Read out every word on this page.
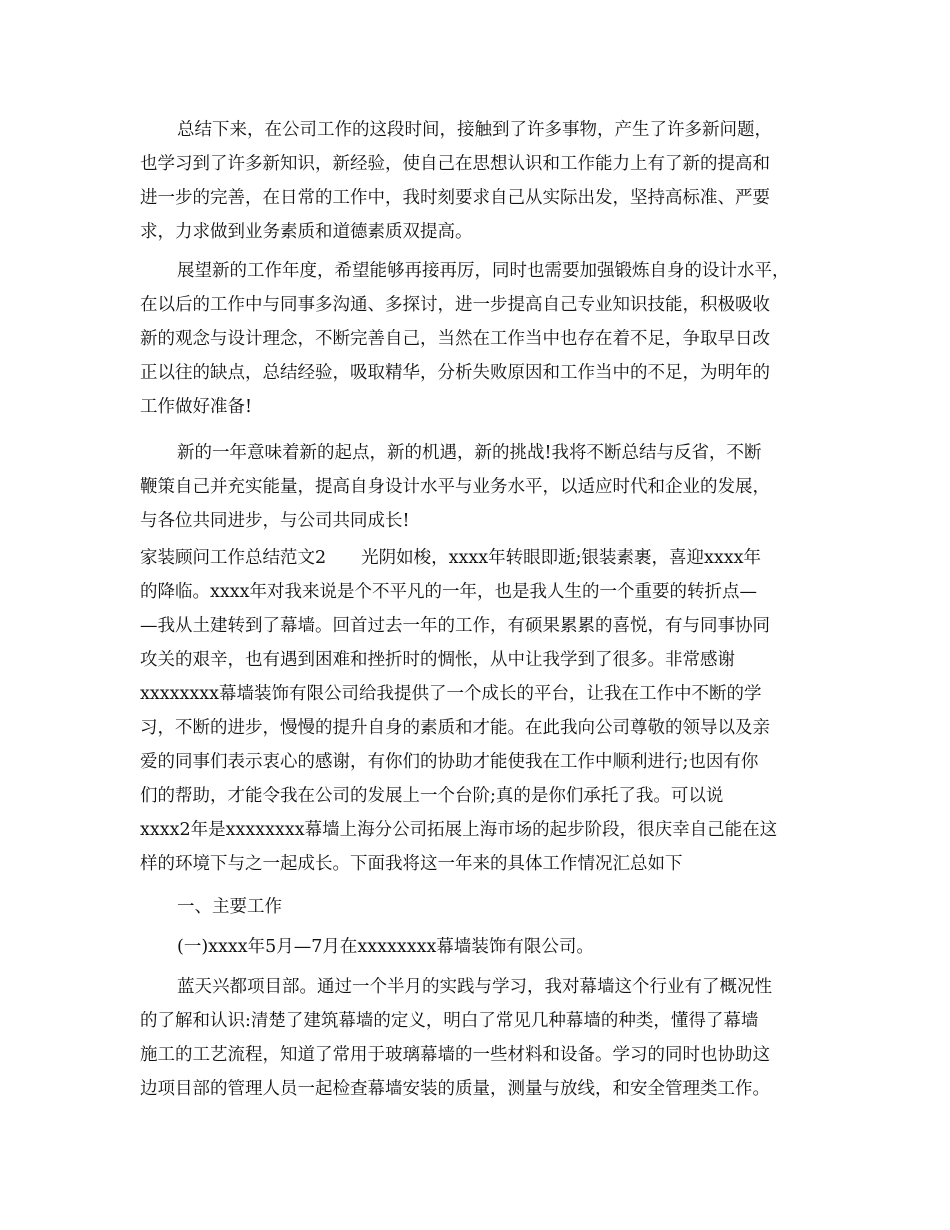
总结下来，在公司工作的这段时间，接触到了许多事物，产生了许多新问题，
也学习到了许多新知识，新经验，使自己在思想认识和工作能力上有了新的提高和
进一步的完善，在日常的工作中，我时刻要求自己从实际出发，坚持高标准、严要
求，力求做到业务素质和道德素质双提高。
展望新的工作年度，希望能够再接再厉，同时也需要加强锻炼自身的设计水平，
在以后的工作中与同事多沟通、多探讨，进一步提高自己专业知识技能，积极吸收
新的观念与设计理念，不断完善自己，当然在工作当中也存在着不足，争取早日改
正以往的缺点，总结经验，吸取精华，分析失败原因和工作当中的不足，为明年的
工作做好准备!
新的一年意味着新的起点，新的机遇，新的挑战!我将不断总结与反省，不断
鞭策自己并充实能量，提高自身设计水平与业务水平，以适应时代和企业的发展，
与各位共同进步，与公司共同成长!
家装顾问工作总结范文2　　光阴如梭，xxxx年转眼即逝;银装素裹，喜迎xxxx年
的降临。xxxx年对我来说是个不平凡的一年，也是我人生的一个重要的转折点—
—我从土建转到了幕墙。回首过去一年的工作，有硕果累累的喜悦，有与同事协同
攻关的艰辛，也有遇到困难和挫折时的惆怅，从中让我学到了很多。非常感谢
xxxxxxxx幕墙装饰有限公司给我提供了一个成长的平台，让我在工作中不断的学
习，不断的进步，慢慢的提升自身的素质和才能。在此我向公司尊敬的领导以及亲
爱的同事们表示衷心的感谢，有你们的协助才能使我在工作中顺利进行;也因有你
们的帮助，才能令我在公司的发展上一个台阶;真的是你们承托了我。可以说
xxxx2年是xxxxxxxx幕墙上海分公司拓展上海市场的起步阶段，很庆幸自己能在这
样的环境下与之一起成长。下面我将这一年来的具体工作情况汇总如下
一、主要工作
(一)xxxx年5月—7月在xxxxxxxx幕墙装饰有限公司。
蓝天兴都项目部。通过一个半月的实践与学习，我对幕墙这个行业有了概况性
的了解和认识:清楚了建筑幕墙的定义，明白了常见几种幕墙的种类，懂得了幕墙
施工的工艺流程，知道了常用于玻璃幕墙的一些材料和设备。学习的同时也协助这
边项目部的管理人员一起检查幕墙安装的质量，测量与放线，和安全管理类工作。
